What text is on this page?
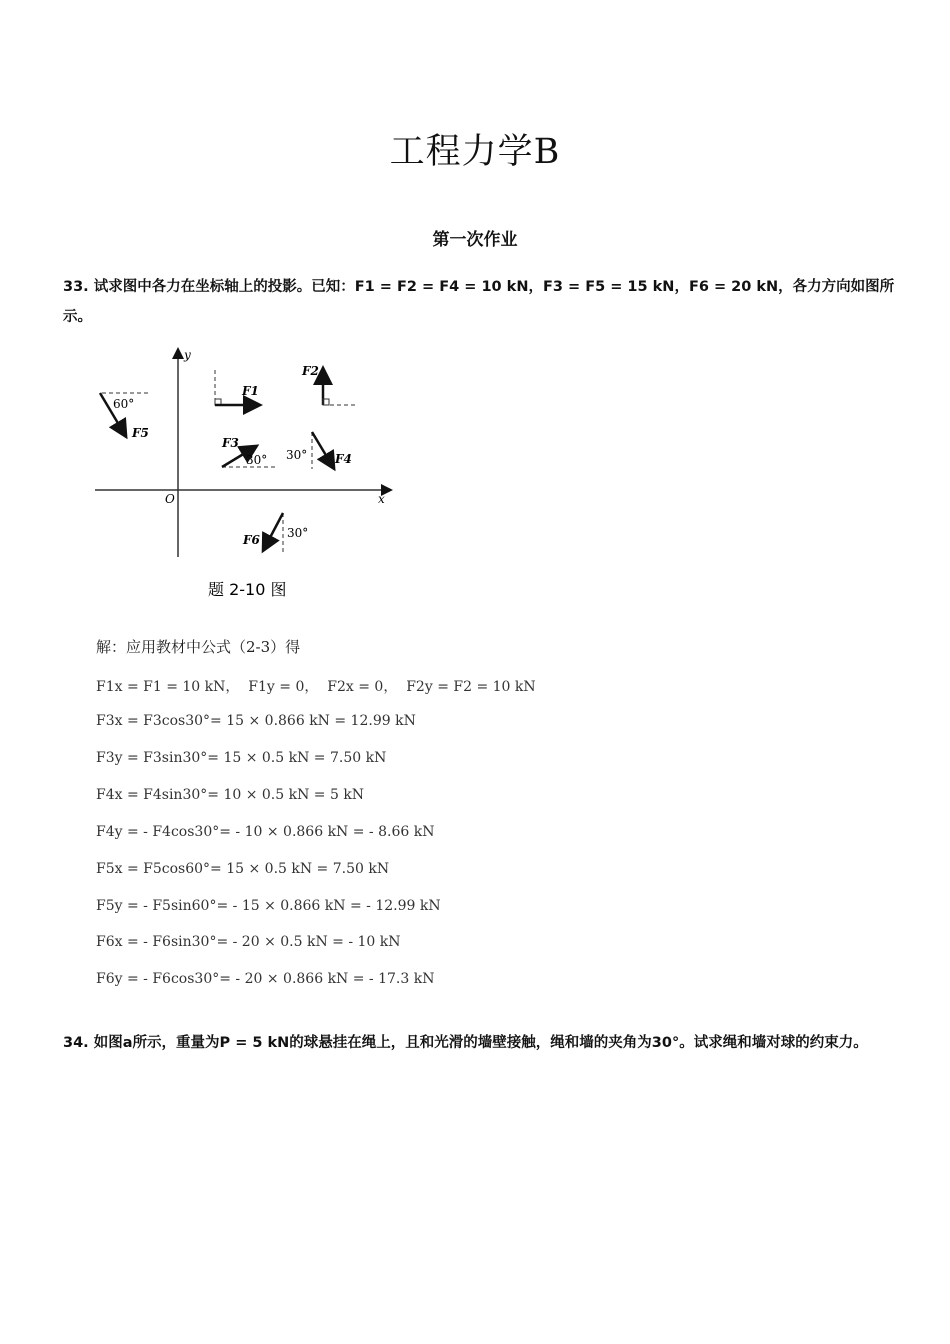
工程力学B
第一次作业
33. 试求图中各力在坐标轴上的投影。已知：F1 = F2 = F4 = 10 kN，F3 = F5 = 15 kN，F6 = 20 kN，各力方向如图所示。
x
y
O
60°
F5
F1
F2
30°
F3
30° F4
30°
F6
题 2-10 图
解：应用教材中公式（2-3）得
F1x = F1 = 10 kN，  F1y = 0，  F2x = 0，  F2y = F2 = 10 kN
F3x = F3cos30°= 15 × 0.866 kN = 12.99 kN
F3y = F3sin30°= 15 × 0.5 kN = 7.50 kN
F4x = F4sin30°= 10 × 0.5 kN = 5 kN
F4y = - F4cos30°= - 10 × 0.866 kN = - 8.66 kN
F5x = F5cos60°= 15 × 0.5 kN = 7.50 kN
F5y = - F5sin60°= - 15 × 0.866 kN = - 12.99 kN
F6x = - F6sin30°= - 20 × 0.5 kN = - 10 kN
F6y = - F6cos30°= - 20 × 0.866 kN = - 17.3 kN
34. 如图a所示，重量为P = 5 kN的球悬挂在绳上，且和光滑的墙壁接触，绳和墙的夹角为30°。试求绳和墙对球的约束力。
